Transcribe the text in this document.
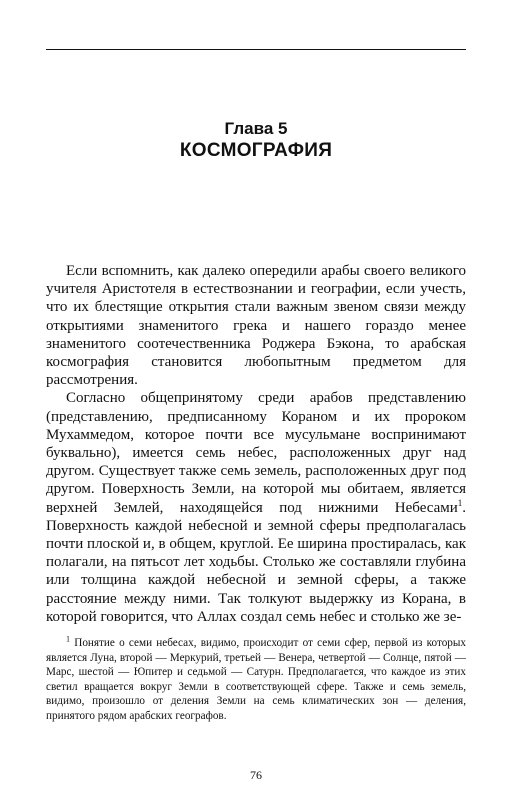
Глава 5
КОСМОГРАФИЯ

Если вспомнить, как далеко опередили арабы своего великого учителя Аристотеля в естествознании и географии, если учесть, что их блестящие открытия стали важным звеном связи между открытиями знаменитого грека и нашего гораздо менее знаменитого соотечественника Роджера Бэкона, то арабская космография становится любопытным предметом для рассмотрения.

Согласно общепринятому среди арабов представлению (представлению, предписанному Кораном и их пророком Мухаммедом, которое почти все мусульмане воспринимают буквально), имеется семь небес, расположенных друг над другом. Существует также семь земель, расположенных друг под другом. Поверхность Земли, на которой мы обитаем, является верхней Землей, находящейся под нижними Небесами$^1$. Поверхность каждой небесной и земной сферы предполагалась почти плоской и, в общем, круглой. Ее ширина простиралась, как полагали, на пятьсот лет ходьбы. Столько же составляли глубина или толщина каждой небесной и земной сферы, а также расстояние между ними. Так толкуют выдержку из Корана, в которой говорится, что Аллах создал семь небес и столько же зе-

$^1$ Понятие о семи небесах, видимо, происходит от семи сфер, первой из которых является Луна, второй — Меркурий, третьей — Венера, четвертой — Солнце, пятой — Марс, шестой — Юпитер и седьмой — Сатурн. Предполагается, что каждое из этих светил вращается вокруг Земли в соответствующей сфере. Также и семь земель, видимо, произошло от деления Земли на семь климатических зон — деления, принятого рядом арабских географов.

76
